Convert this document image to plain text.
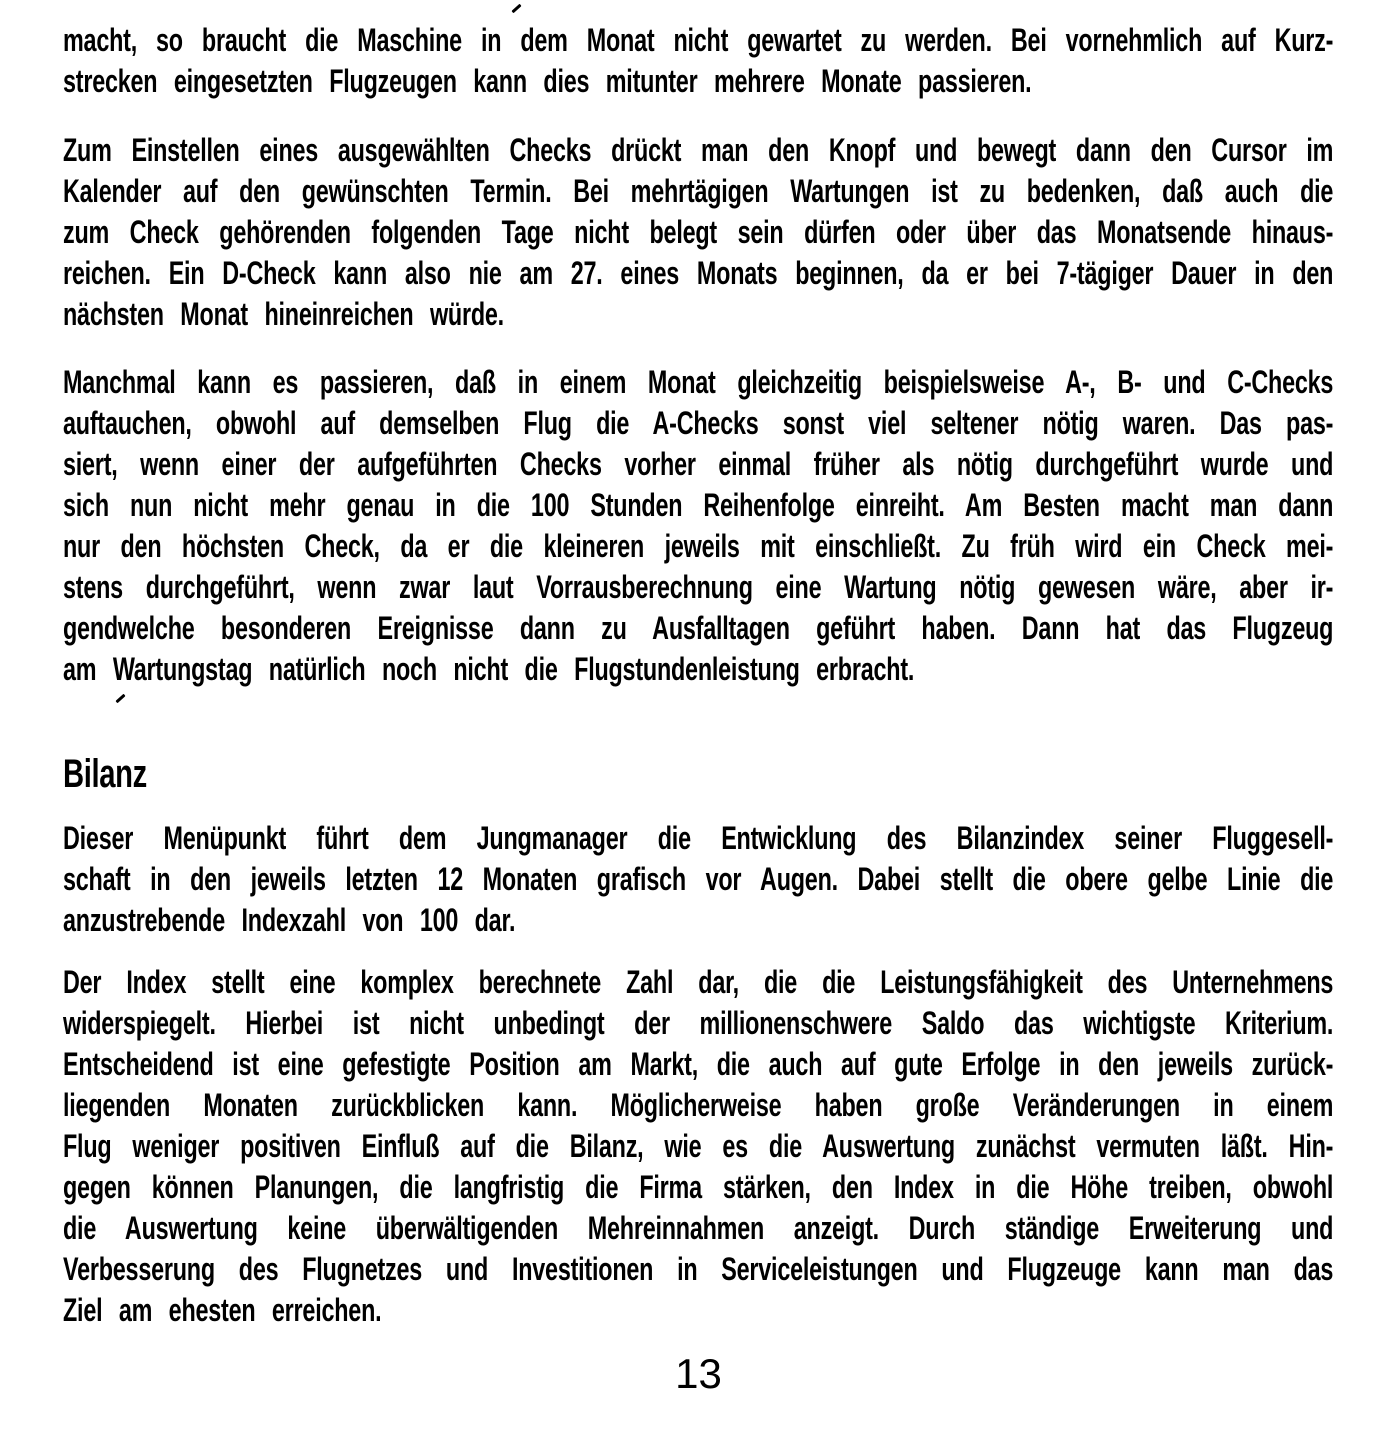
macht, so braucht die Maschine in dem Monat nicht gewartet zu werden. Bei vornehmlich auf Kurz-
strecken eingesetzten Flugzeugen kann dies mitunter mehrere Monate passieren.
Zum Einstellen eines ausgewählten Checks drückt man den Knopf und bewegt dann den Cursor im
Kalender auf den gewünschten Termin. Bei mehrtägigen Wartungen ist zu bedenken, daß auch die
zum Check gehörenden folgenden Tage nicht belegt sein dürfen oder über das Monatsende hinaus-
reichen. Ein D-Check kann also nie am 27. eines Monats beginnen, da er bei 7-tägiger Dauer in den
nächsten Monat hineinreichen würde.
Manchmal kann es passieren, daß in einem Monat gleichzeitig beispielsweise A-, B- und C-Checks
auftauchen, obwohl auf demselben Flug die A-Checks sonst viel seltener nötig waren. Das pas-
siert, wenn einer der aufgeführten Checks vorher einmal früher als nötig durchgeführt wurde und
sich nun nicht mehr genau in die 100 Stunden Reihenfolge einreiht. Am Besten macht man dann
nur den höchsten Check, da er die kleineren jeweils mit einschließt. Zu früh wird ein Check mei-
stens durchgeführt, wenn zwar laut Vorrausberechnung eine Wartung nötig gewesen wäre, aber ir-
gendwelche besonderen Ereignisse dann zu Ausfalltagen geführt haben. Dann hat das Flugzeug
am Wartungstag natürlich noch nicht die Flugstundenleistung erbracht.
Bilanz
Dieser Menüpunkt führt dem Jungmanager die Entwicklung des Bilanzindex seiner Fluggesell-
schaft in den jeweils letzten 12 Monaten grafisch vor Augen. Dabei stellt die obere gelbe Linie die
anzustrebende Indexzahl von 100 dar.
Der Index stellt eine komplex berechnete Zahl dar, die die Leistungsfähigkeit des Unternehmens
widerspiegelt. Hierbei ist nicht unbedingt der millionenschwere Saldo das wichtigste Kriterium.
Entscheidend ist eine gefestigte Position am Markt, die auch auf gute Erfolge in den jeweils zurück-
liegenden Monaten zurückblicken kann. Möglicherweise haben große Veränderungen in einem
Flug weniger positiven Einfluß auf die Bilanz, wie es die Auswertung zunächst vermuten läßt. Hin-
gegen können Planungen, die langfristig die Firma stärken, den Index in die Höhe treiben, obwohl
die Auswertung keine überwältigenden Mehreinnahmen anzeigt. Durch ständige Erweiterung und
Verbesserung des Flugnetzes und Investitionen in Serviceleistungen und Flugzeuge kann man das
Ziel am ehesten erreichen.
13
